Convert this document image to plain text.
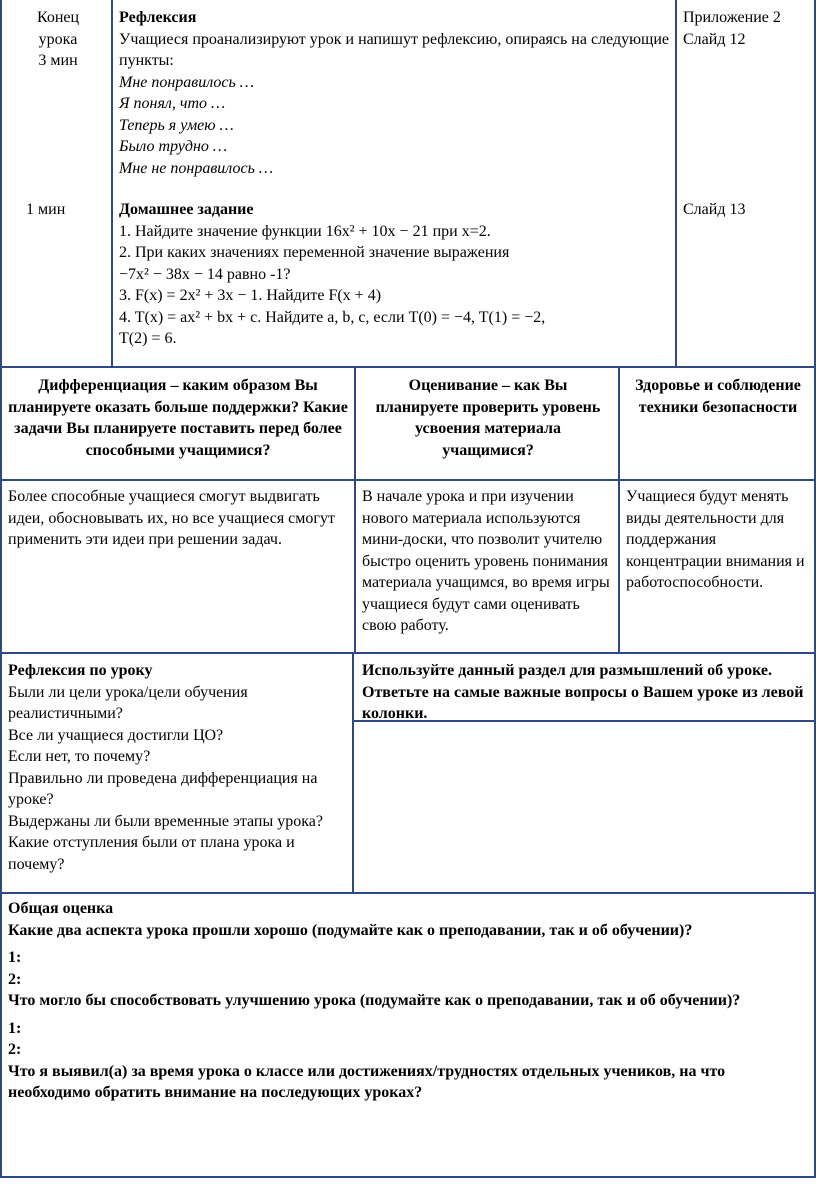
Конец
урока
3 мин
1 мин
Рефлексия
Учащиеся проанализируют урок и напишут рефлексию, опираясь на следующие пункты:
Мне понравилось …
Я понял, что …
Теперь я умею …
Было трудно …
Мне не понравилось …
Домашнее задание
1. Найдите значение функции 16x² + 10x − 21 при x=2.
2. При каких значениях переменной значение выражения
−7x² − 38x − 14 равно -1?
3. F(x) = 2x² + 3x − 1. Найдите F(x + 4)
4. T(x) = ax² + bx + c. Найдите a, b, c, если T(0) = −4, T(1) = −2,
T(2) = 6.
Приложение 2
Слайд 12
Слайд 13
Дифференциация – каким образом Вы планируете оказать больше поддержки? Какие задачи Вы планируете поставить перед более способными учащимися?
Оценивание – как Вы планируете проверить уровень усвоения материала учащимися?
Здоровье и соблюдение техники безопасности
Более способные учащиеся смогут выдвигать идеи, обосновывать их, но все учащиеся смогут применить эти идеи при решении задач.
В начале урока и при изучении нового материала используются мини-доски, что позволит учителю быстро оценить уровень понимания материала учащимся, во время игры учащиеся будут сами оценивать свою работу.
Учащиеся будут менять виды деятельности для поддержания концентрации внимания и работоспособности.
Рефлексия по уроку
Были ли цели урока/цели обучения реалистичными?
Все ли учащиеся достигли ЦО?
Если нет, то почему?
Правильно ли проведена дифференциация на уроке?
Выдержаны ли были временные этапы урока?
Какие отступления были от плана урока и почему?
Используйте данный раздел для размышлений об уроке. Ответьте на самые важные вопросы о Вашем уроке из левой колонки.
Общая оценка
Какие два аспекта урока прошли хорошо (подумайте как о преподавании, так и об обучении)?
1:
2:
Что могло бы способствовать улучшению урока (подумайте как о преподавании, так и об обучении)?
1:
2:
Что я выявил(а) за время урока о классе или достижениях/трудностях отдельных учеников, на что необходимо обратить внимание на последующих уроках?
